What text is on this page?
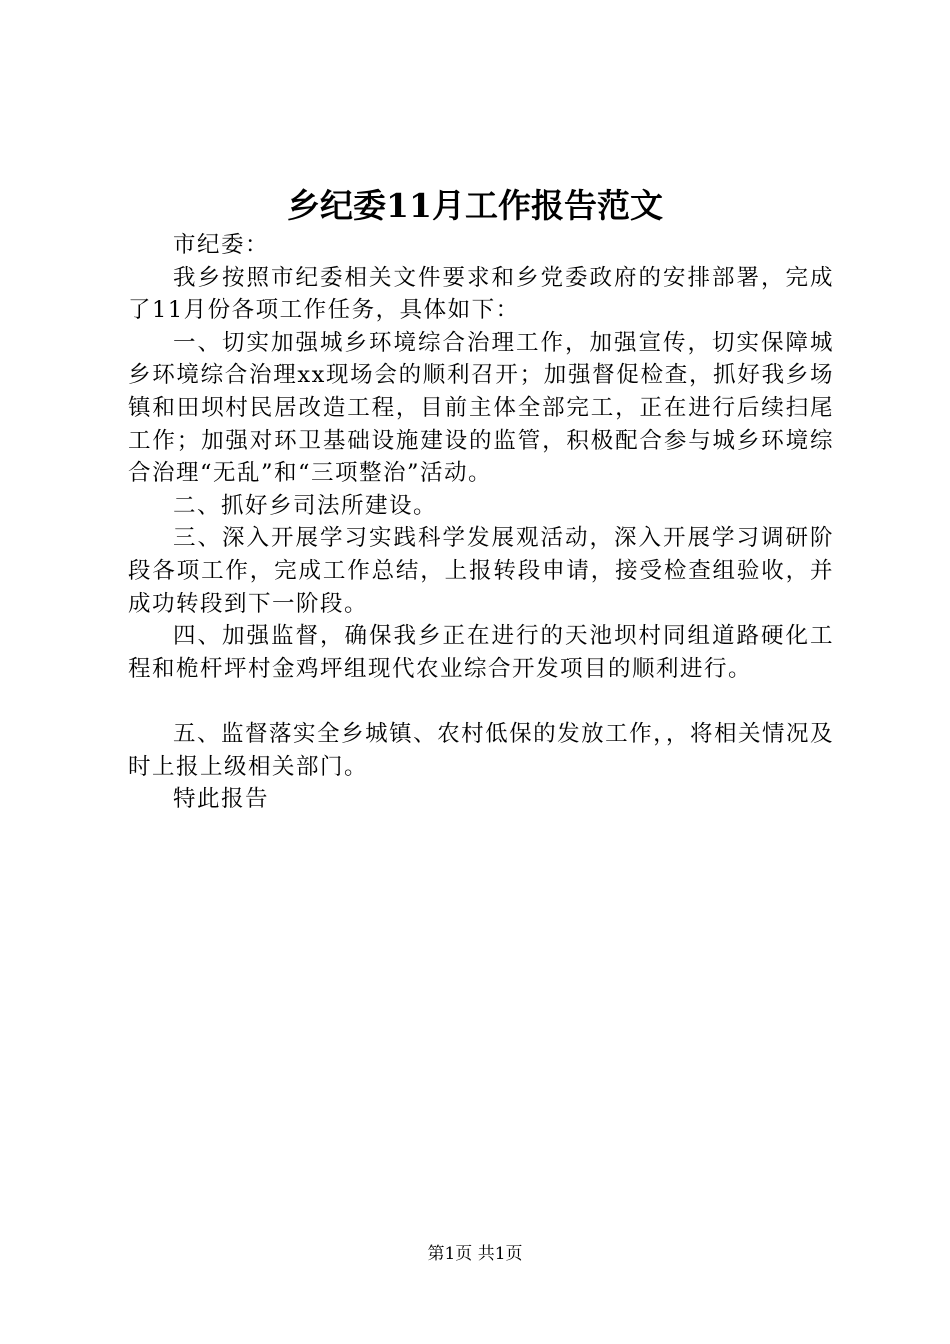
乡纪委11月工作报告范文

市纪委：

我乡按照市纪委相关文件要求和乡党委政府的安排部署，完成了11月份各项工作任务，具体如下：

一、切实加强城乡环境综合治理工作，加强宣传，切实保障城乡环境综合治理xx现场会的顺利召开；加强督促检查，抓好我乡场镇和田坝村民居改造工程，目前主体全部完工，正在进行后续扫尾工作；加强对环卫基础设施建设的监管，积极配合参与城乡环境综合治理“无乱”和“三项整治”活动。

二、抓好乡司法所建设。

三、深入开展学习实践科学发展观活动，深入开展学习调研阶段各项工作，完成工作总结，上报转段申请，接受检查组验收，并成功转段到下一阶段。

四、加强监督，确保我乡正在进行的天池坝村同组道路硬化工程和桅杆坪村金鸡坪组现代农业综合开发项目的顺利进行。

五、监督落实全乡城镇、农村低保的发放工作，，将相关情况及时上报上级相关部门。

特此报告

第1页 共1页
